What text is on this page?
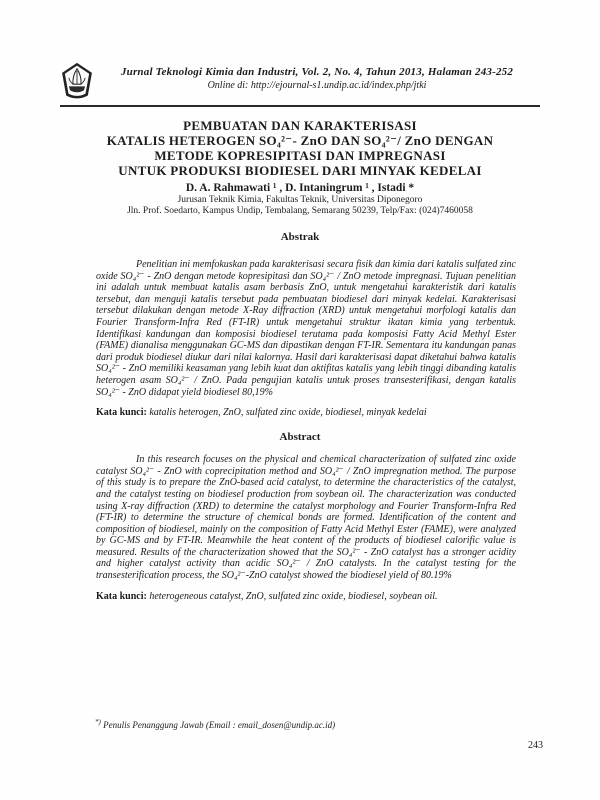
Jurnal Teknologi Kimia dan Industri, Vol. 2, No. 4, Tahun 2013, Halaman 243-252
Online di: http://ejournal-s1.undip.ac.id/index.php/jtki
PEMBUATAN DAN KARAKTERISASI
KATALIS HETEROGEN SO₄²⁻- ZnO DAN SO₄²⁻/ ZnO DENGAN
METODE KOPRESIPITASI DAN IMPREGNASI
UNTUK PRODUKSI BIODIESEL DARI MINYAK KEDELAI
D. A. Rahmawati ¹ , D. Intaningrum ¹ , Istadi *
Jurusan Teknik Kimia, Fakultas Teknik, Universitas Diponegoro
Jln. Prof. Soedarto, Kampus Undip, Tembalang, Semarang 50239, Telp/Fax: (024)7460058
Abstrak

Penelitian ini memfokuskan pada karakterisasi secara fisik dan kimia dari katalis sulfated zinc oxide SO₄²⁻ - ZnO dengan metode kopresipitasi dan SO₄²⁻ / ZnO metode impregnasi. Tujuan penelitian ini adalah untuk membuat katalis asam berbasis ZnO, untuk mengetahui karakteristik dari katalis tersebut, dan menguji katalis tersebut pada pembuatan biodiesel dari minyak kedelai. Karakterisasi tersebut dilakukan dengan metode X-Ray diffraction (XRD) untuk mengetahui morfologi katalis dan Fourier Transform-Infra Red (FT-IR) untuk mengetahui struktur ikatan kimia yang terbentuk. Identifikasi kandungan dan komposisi biodiesel terutama pada komposisi Fatty Acid Methyl Ester (FAME) dianalisa menggunakan GC-MS dan dipastikan dengan FT-IR. Sementara itu kandungan panas dari produk biodiesel diukur dari nilai kalornya. Hasil dari karakterisasi dapat diketahui bahwa katalis SO₄²⁻ - ZnO memiliki keasaman yang lebih kuat dan aktifitas katalis yang lebih tinggi dibanding katalis heterogen asam SO₄²⁻ / ZnO. Pada pengujian katalis untuk proses transesterifikasi, dengan katalis SO₄²⁻ - ZnO didapat yield biodiesel 80,19%

Kata kunci: katalis heterogen, ZnO, sulfated zinc oxide, biodiesel, minyak kedelai

Abstract

In this research focuses on the physical and chemical characterization of sulfated zinc oxide catalyst SO₄²⁻ - ZnO with coprecipitation method and SO₄²⁻ / ZnO impregnation method. The purpose of this study is to prepare the ZnO-based acid catalyst, to determine the characteristics of the catalyst, and the catalyst testing on biodiesel production from soybean oil. The characterization was conducted using X-ray diffraction (XRD) to determine the catalyst morphology and Fourier Transform-Infra Red (FT-IR) to determine the structure of chemical bonds are formed. Identification of the content and composition of biodiesel, mainly on the composition of Fatty Acid Methyl Ester (FAME), were analyzed by GC-MS and by FT-IR. Meanwhile the heat content of the products of biodiesel calorific value is measured. Results of the characterization showed that the SO₄²⁻ - ZnO catalyst has a stronger acidity and higher catalyst activity than acidic SO₄²⁻ / ZnO catalysts. In the catalyst testing for the transesterification process, the SO₄²⁻-ZnO catalyst showed the biodiesel yield of 80.19%

Kata kunci: heterogeneous catalyst, ZnO, sulfated zinc oxide, biodiesel, soybean oil.

*) Penulis Penanggung Jawab (Email : email_dosen@undip.ac.id)
243
